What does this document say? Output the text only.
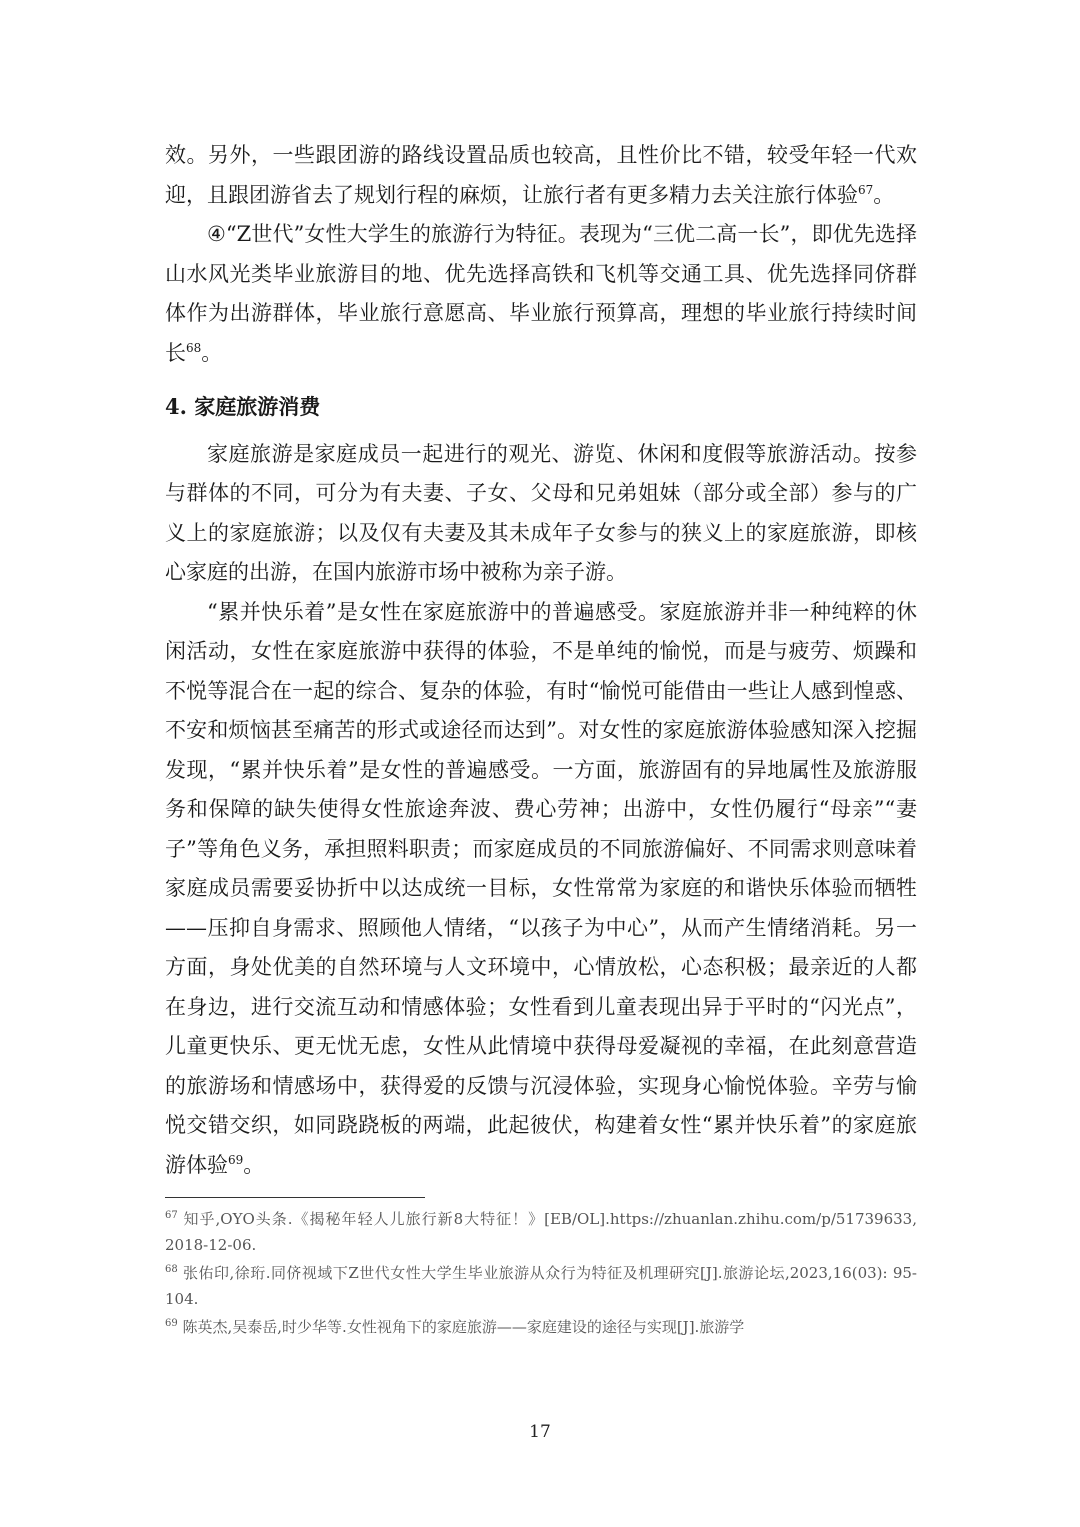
效。另外，一些跟团游的路线设置品质也较高，且性价比不错，较受年轻一代欢迎，且跟团游省去了规划行程的麻烦，让旅行者有更多精力去关注旅行体验$^{67}$。

④“Z世代”女性大学生的旅游行为特征。表现为“三优二高一长”，即优先选择山水风光类毕业旅游目的地、优先选择高铁和飞机等交通工具、优先选择同侪群体作为出游群体，毕业旅行意愿高、毕业旅行预算高，理想的毕业旅行持续时间长$^{68}$。

4. 家庭旅游消费

家庭旅游是家庭成员一起进行的观光、游览、休闲和度假等旅游活动。按参与群体的不同，可分为有夫妻、子女、父母和兄弟姐妹（部分或全部）参与的广义上的家庭旅游；以及仅有夫妻及其未成年子女参与的狭义上的家庭旅游，即核心家庭的出游，在国内旅游市场中被称为亲子游。

“累并快乐着”是女性在家庭旅游中的普遍感受。家庭旅游并非一种纯粹的休闲活动，女性在家庭旅游中获得的体验，不是单纯的愉悦，而是与疲劳、烦躁和不悦等混合在一起的综合、复杂的体验，有时“愉悦可能借由一些让人感到惶惑、不安和烦恼甚至痛苦的形式或途径而达到”。对女性的家庭旅游体验感知深入挖掘发现，“累并快乐着”是女性的普遍感受。一方面，旅游固有的异地属性及旅游服务和保障的缺失使得女性旅途奔波、费心劳神；出游中，女性仍履行“母亲”“妻子”等角色义务，承担照料职责；而家庭成员的不同旅游偏好、不同需求则意味着家庭成员需要妥协折中以达成统一目标，女性常常为家庭的和谐快乐体验而牺牲——压抑自身需求、照顾他人情绪，“以孩子为中心”，从而产生情绪消耗。另一方面，身处优美的自然环境与人文环境中，心情放松，心态积极；最亲近的人都在身边，进行交流互动和情感体验；女性看到儿童表现出异于平时的“闪光点”，儿童更快乐、更无忧无虑，女性从此情境中获得母爱凝视的幸福，在此刻意营造的旅游场和情感场中，获得爱的反馈与沉浸体验，实现身心愉悦体验。辛劳与愉悦交错交织，如同跷跷板的两端，此起彼伏，构建着女性“累并快乐着”的家庭旅游体验$^{69}$。

$^{67}$ 知乎,OYO头条.《揭秘年轻人儿旅行新8大特征！》[EB/OL].https://zhuanlan.zhihu.com/p/51739633, 2018-12-06.

$^{68}$ 张佑印,徐珩.同侪视域下Z世代女性大学生毕业旅游从众行为特征及机理研究[J].旅游论坛,2023,16(03): 95-104.

$^{69}$ 陈英杰,吴泰岳,时少华等.女性视角下的家庭旅游——家庭建设的途径与实现[J].旅游学

17
